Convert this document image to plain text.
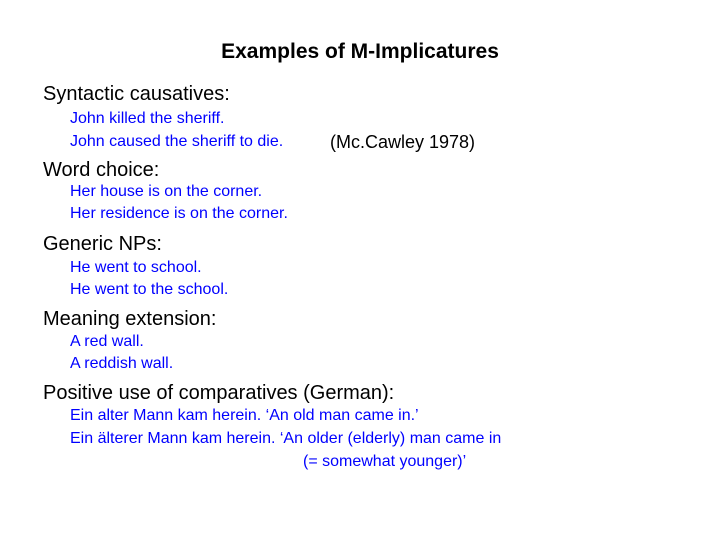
Examples of M-Implicatures
Syntactic causatives:
John killed the sheriff.
John caused the sheriff to die.	(Mc.Cawley 1978)
Word choice:
Her house is on the corner.
Her residence is on the corner.
Generic NPs:
He went to school.
He went to the school.
Meaning extension:
A red wall.
A reddish wall.
Positive use of comparatives (German):
Ein alter Mann kam herein. ‘An old man came in.’
Ein älterer Mann kam herein. ‘An older (elderly) man came in
(= somewhat younger)’
